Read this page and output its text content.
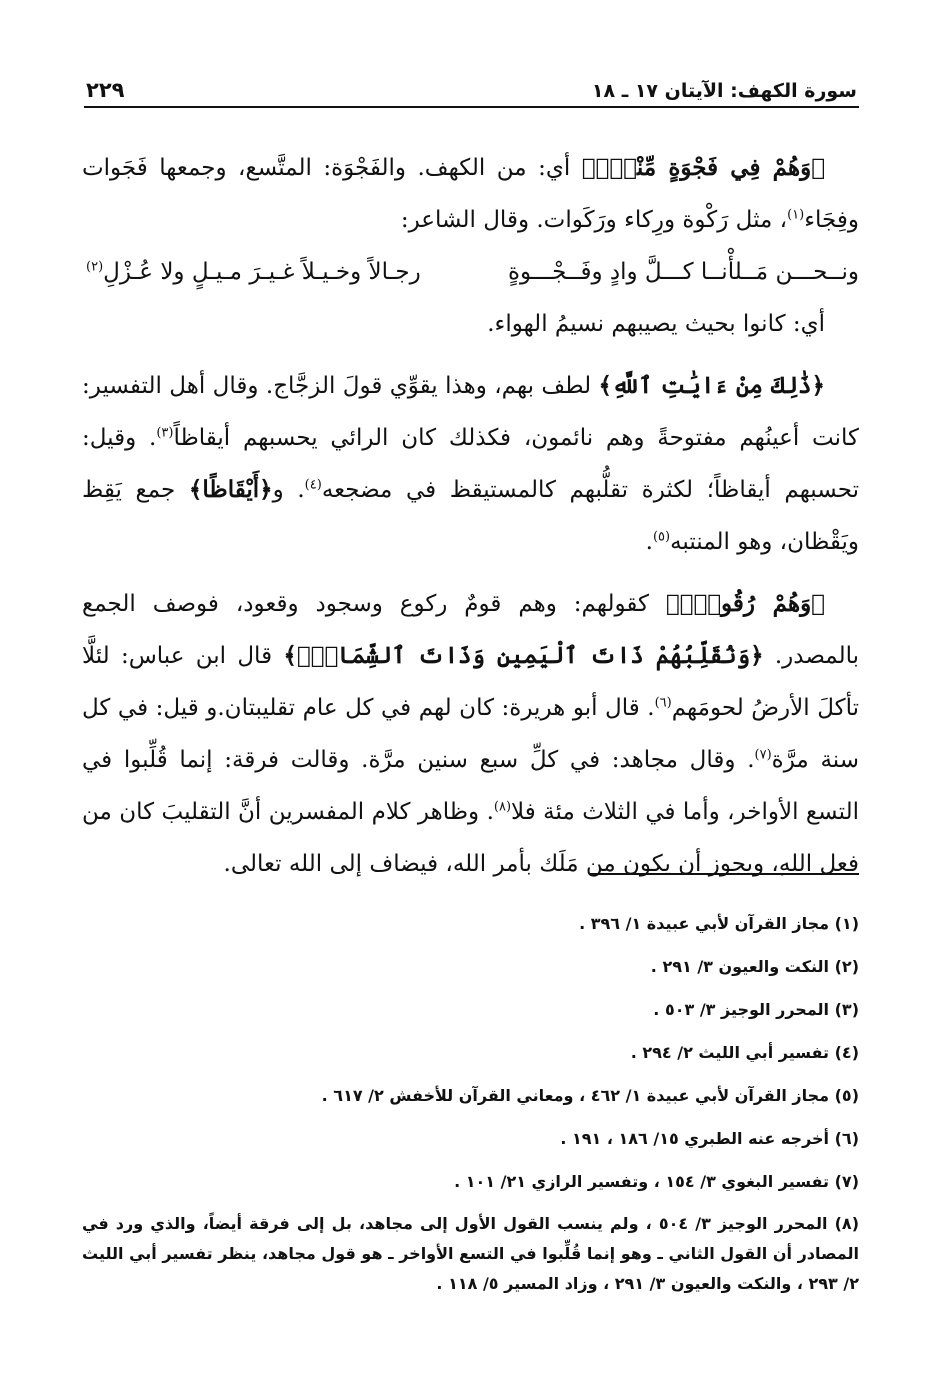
سورة الكهف: الآيتان ١٧ ـ ١٨
٢٢٩

﴿وَهُمْ فِي فَجْوَةٍ مِّنْهُۚ﴾ أي: من الكهف. والفَجْوَة: المتَّسع، وجمعها فَجَوات وفِجَاء$^{(١)}$، مثل رَكْوة ورِكاء ورَكَوات. وقال الشاعر:

ونــحـــن مَــلأْنــا كـــلَّ وادٍ وفَــجْـــوةٍ
رجـالاً وخـيـلاً غـيـرَ مـيـلٍ ولا عُـزْلِ$^{(٢)}$

أي: كانوا بحيث يصيبهم نسيمُ الهواء.

﴿ذَٰلِكَ مِنْ ءَايَٰتِ ٱللَّهِ﴾ لطف بهم، وهذا يقوِّي قولَ الزجَّاج. وقال أهل التفسير: كانت أعينُهم مفتوحةً وهم نائمون، فكذلك كان الرائي يحسبهم أيقاظاً$^{(٣)}$. وقيل: تحسبهم أيقاظاً؛ لكثرة تقلُّبهم كالمستيقظ في مضجعه$^{(٤)}$. و﴿أَيْقَاظًا﴾ جمع يَقِظ ويَقْظان، وهو المنتبه$^{(٥)}$.

﴿وَهُمْ رُقُودٌۚ﴾ كقولهم: وهم قومٌ ركوع وسجود وقعود، فوصف الجمع بالمصدر. ﴿وَنُقَلِّبُهُمْ ذَاتَ ٱلْيَمِينِ وَذَاتَ ٱلشِّمَالِۖ﴾ قال ابن عباس: لئلَّا تأكلَ الأرضُ لحومَهم$^{(٦)}$. قال أبو هريرة: كان لهم في كل عام تقليبتان.و قيل: في كل سنة مرَّة$^{(٧)}$. وقال مجاهد: في كلِّ سبع سنين مرَّة. وقالت فرقة: إنما قُلِّبوا في التسع الأواخر، وأما في الثلاث مئة فلا$^{(٨)}$. وظاهر كلام المفسرين أنَّ التقليبَ كان من فعل اللهِ، ويجوز أن يكون من مَلَك بأمر الله، فيضاف إلى الله تعالى.

(١) مجاز القرآن لأبي عبيدة ١/ ٣٩٦ .
(٢) النكت والعيون ٣/ ٢٩١ .
(٣) المحرر الوجيز ٣/ ٥٠٣ .
(٤) تفسير أبي الليث ٢/ ٢٩٤ .
(٥) مجاز القرآن لأبي عبيدة ١/ ٤٦٢ ، ومعاني القرآن للأخفش ٢/ ٦١٧ .
(٦) أخرجه عنه الطبري ١٥/ ١٨٦ ، ١٩١ .
(٧) تفسير البغوي ٣/ ١٥٤ ، وتفسير الرازي ٢١/ ١٠١ .
(٨) المحرر الوجيز ٣/ ٥٠٤ ، ولم ينسب القول الأول إلى مجاهد، بل إلى فرقة أيضاً، والذي ورد في المصادر أن القول الثاني ـ وهو إنما قُلِّبوا في التسع الأواخر ـ هو قول مجاهد، ينظر تفسير أبي الليث ٢/ ٢٩٣ ، والنكت والعيون ٣/ ٢٩١ ، وزاد المسير ٥/ ١١٨ .
